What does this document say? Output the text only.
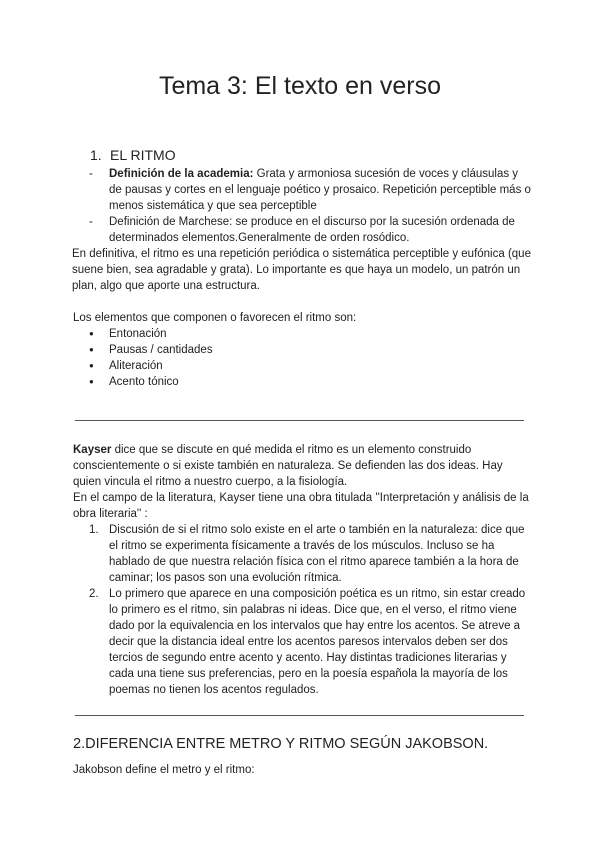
Tema 3: El texto en verso
1. EL RITMO
- Definición de la academia: Grata y armoniosa sucesión de voces y cláusulas y de pausas y cortes en el lenguaje poético y prosaico. Repetición perceptible más o menos sistemática y que sea perceptible
- Definición de Marchese: se produce en el discurso por la sucesión ordenada de determinados elementos.Generalmente de orden rosódico.

En definitiva, el ritmo es una repetición periódica o sistemática perceptible y eufónica (que suene bien, sea agradable y grata). Lo importante es que haya un modelo, un patrón un plan, algo que aporte una estructura.

Los elementos que componen o favorecen el ritmo son:

● Entonación
● Pausas / cantidades
● Aliteración
● Acento tónico

Kayser dice que se discute en qué medida el ritmo es un elemento construido conscientemente o si existe también en naturaleza. Se defienden las dos ideas. Hay quien vincula el ritmo a nuestro cuerpo, a la fisiología.

En el campo de la literatura, Kayser tiene una obra titulada ''Interpretación y análisis de la obra literaria'' :

1. Discusión de si el ritmo solo existe en el arte o también en la naturaleza: dice que el ritmo se experimenta físicamente a través de los músculos. Incluso se ha hablado de que nuestra relación física con el ritmo aparece también a la hora de caminar; los pasos son una evolución rítmica.
2. Lo primero que aparece en una composición poética es un ritmo, sin estar creado lo primero es el ritmo, sin palabras ni ideas. Dice que, en el verso, el ritmo viene dado por la equivalencia en los intervalos que hay entre los acentos. Se atreve a decir que la distancia ideal entre los acentos paresos intervalos deben ser dos tercios de segundo entre acento y acento. Hay distintas tradiciones literarias y cada una tiene sus preferencias, pero en la poesía española la mayoría de los poemas no tienen los acentos regulados.
2.DIFERENCIA ENTRE METRO Y RITMO SEGÚN JAKOBSON.

Jakobson define el metro y el ritmo:
